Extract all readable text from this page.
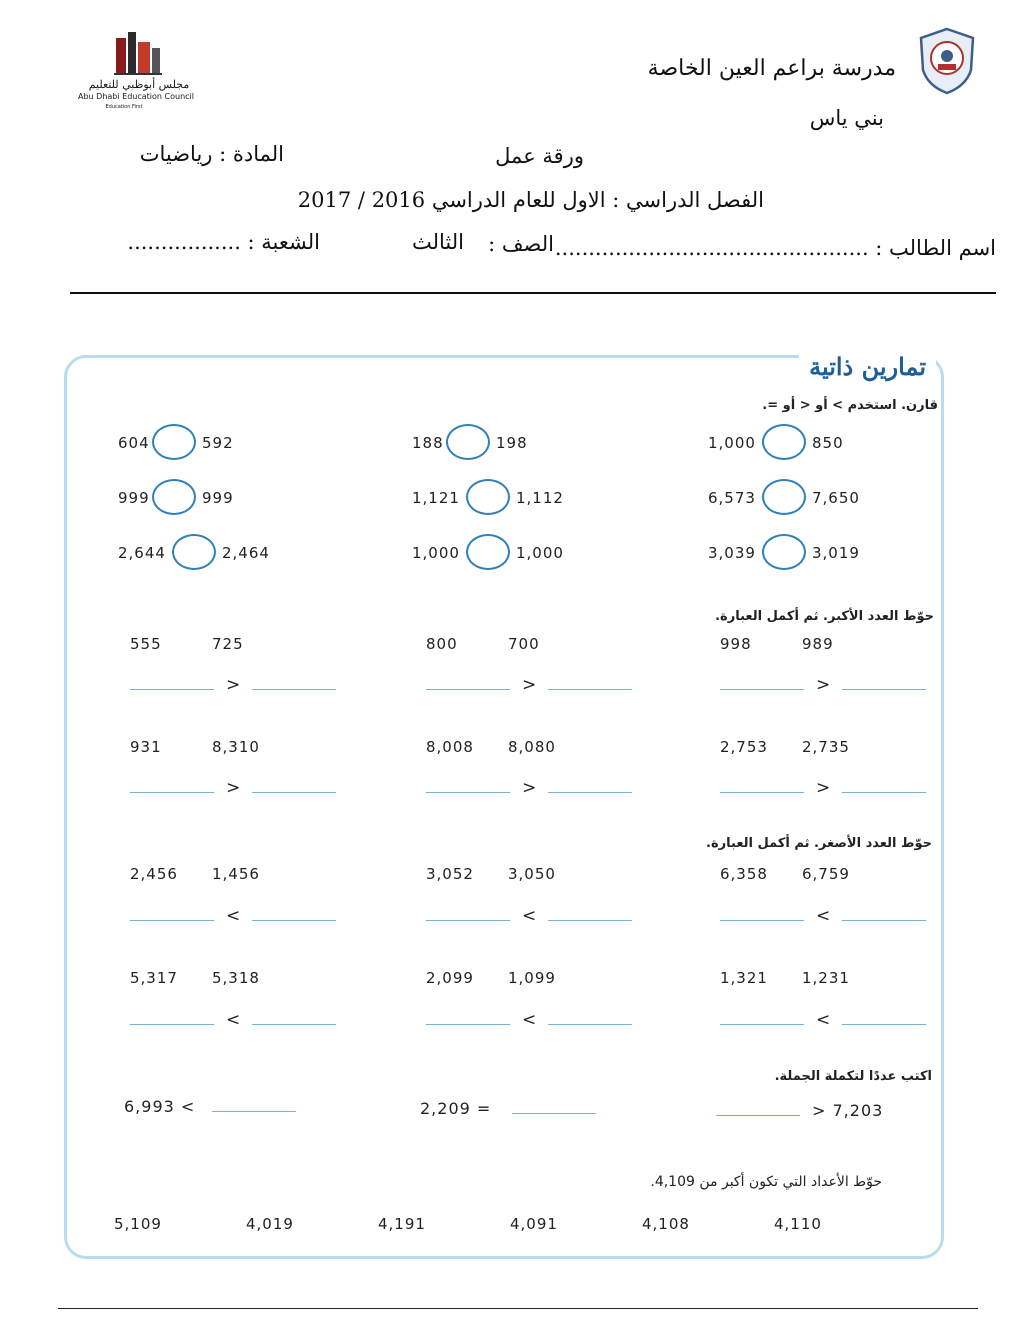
مجلس أبوظبي للتعليم
Abu Dhabi Education Council
Education First
مدرسة براعم العين الخاصة
بني ياس
ورقة عمل
المادة : رياضيات
الفصل الدراسي : الاول للعام الدراسي 2016 / 2017
اسم الطالب : ...............................................
الصف :
الثالث
الشعبة : .................
تمارين ذاتية
قارن. استخدم > أو < أو =.
604	592	188	198	1,000	850
999	999	1,121	1,112	6,573	7,650
2,644	2,464	1,000	1,000	3,039	3,019
حوّط العدد الأكبر. ثم أكمل العبارة.
555	725
>
800	700
>
998	989
>
931	8,310
>
8,008 8,080
>
2,753 2,735
>
حوّط العدد الأصغر. ثم أكمل العبارة.
2,456 1,456
<
3,052 3,050
<
6,358 6,759
<
5,317 5,318
<
2,099 1,099
<
1,321 1,231
<
اكتب عددًا لتكملة الجملة.
6,993 <	2,209 =	> 7,203
حوّط الأعداد التي تكون أكبر من 4,109.
5,109	4,019	4,191	4,091	4,108	4,110
